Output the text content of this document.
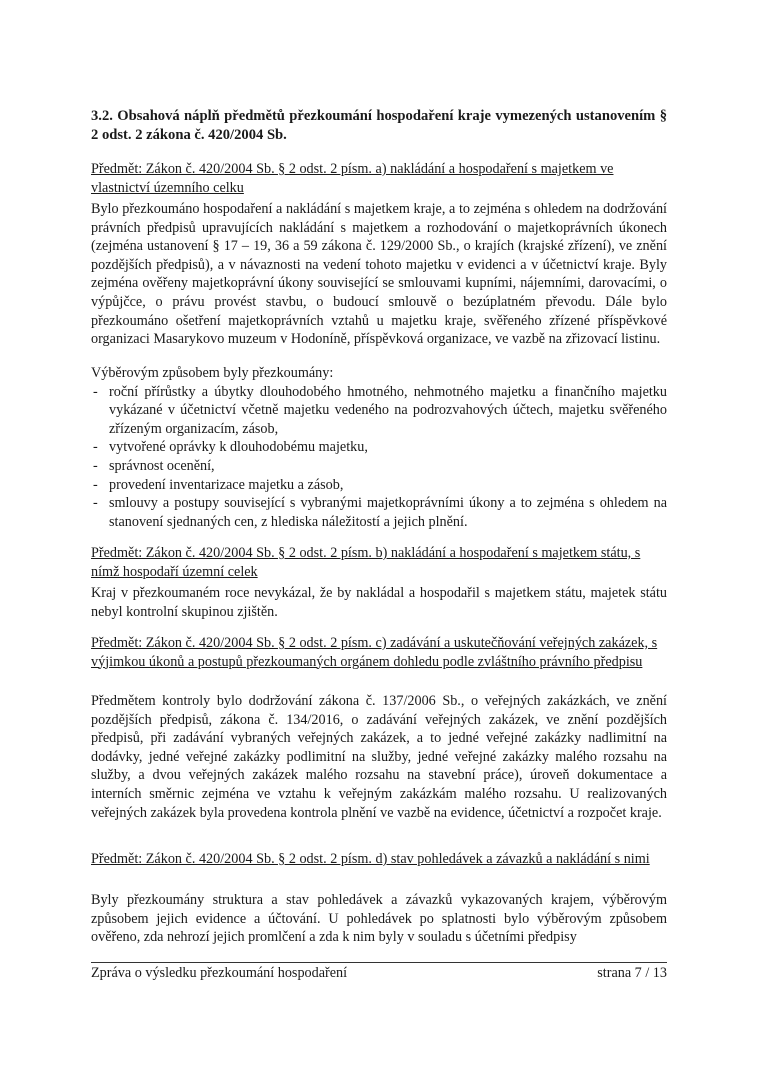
3.2. Obsahová náplň předmětů přezkoumání hospodaření kraje vymezených ustanovením § 2 odst. 2 zákona č. 420/2004 Sb.
Předmět: Zákon č. 420/2004 Sb. § 2 odst. 2 písm. a) nakládání a hospodaření s majetkem ve vlastnictví územního celku

Bylo přezkoumáno hospodaření a nakládání s majetkem kraje, a to zejména s ohledem na dodržování právních předpisů upravujících nakládání s majetkem a rozhodování o majetkoprávních úkonech (zejména ustanovení § 17 – 19, 36 a 59 zákona č. 129/2000 Sb., o krajích (krajské zřízení), ve znění pozdějších předpisů), a v návaznosti na vedení tohoto majetku v evidenci a v účetnictví kraje. Byly zejména ověřeny majetkoprávní úkony související se smlouvami kupními, nájemními, darovacími, o výpůjčce, o právu provést stavbu, o budoucí smlouvě o bezúplatném převodu. Dále bylo přezkoumáno ošetření majetkoprávních vztahů u majetku kraje, svěřeného zřízené příspěvkové organizaci Masarykovo muzeum v Hodoníně, příspěvková organizace, ve vazbě na zřizovací listinu.

Výběrovým způsobem byly přezkoumány:

- roční přírůstky a úbytky dlouhodobého hmotného, nehmotného majetku a finančního majetku vykázané v účetnictví včetně majetku vedeného na podrozvahových účtech, majetku svěřeného zřízeným organizacím, zásob,
- vytvořené oprávky k dlouhodobému majetku,
- správnost ocenění,
- provedení inventarizace majetku a zásob,
- smlouvy a postupy související s vybranými majetkoprávními úkony a to zejména s ohledem na stanovení sjednaných cen, z hlediska náležitostí a jejich plnění.
Předmět: Zákon č. 420/2004 Sb. § 2 odst. 2 písm. b) nakládání a hospodaření s majetkem státu, s nímž hospodaří územní celek

Kraj v přezkoumaném roce nevykázal, že by nakládal a hospodařil s majetkem státu, majetek státu nebyl kontrolní skupinou zjištěn.

Předmět: Zákon č. 420/2004 Sb. § 2 odst. 2 písm. c) zadávání a uskutečňování veřejných zakázek, s výjimkou úkonů a postupů přezkoumaných orgánem dohledu podle zvláštního právního předpisu

Předmětem kontroly bylo dodržování zákona č. 137/2006 Sb., o veřejných zakázkách, ve znění pozdějších předpisů, zákona č. 134/2016, o zadávání veřejných zakázek, ve znění pozdějších předpisů, při zadávání vybraných veřejných zakázek, a to jedné veřejné zakázky nadlimitní na dodávky, jedné veřejné zakázky podlimitní na služby, jedné veřejné zakázky malého rozsahu na služby, a dvou veřejných zakázek malého rozsahu na stavební práce), úroveň dokumentace a interních směrnic zejména ve vztahu k veřejným zakázkám malého rozsahu. U realizovaných veřejných zakázek byla provedena kontrola plnění ve vazbě na evidence, účetnictví a rozpočet kraje.

Předmět: Zákon č. 420/2004 Sb. § 2 odst. 2 písm. d) stav pohledávek a závazků a nakládání s nimi

Byly přezkoumány struktura a stav pohledávek a závazků vykazovaných krajem, výběrovým způsobem jejich evidence a účtování. U pohledávek po splatnosti bylo výběrovým způsobem ověřeno, zda nehrozí jejich promlčení a zda k nim byly v souladu s účetními předpisy

Zpráva o výsledku přezkoumání hospodaření	strana 7 / 13
